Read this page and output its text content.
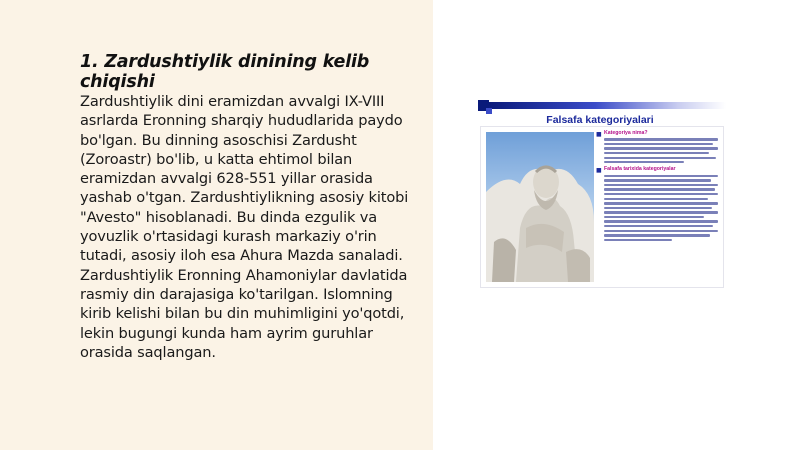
1. Zardushtiylik dinining kelib chiqishi

Zardushtiylik dini eramizdan avvalgi IX-VIII asrlarda Eronning sharqiy hududlarida paydo bo'lgan. Bu dinning asoschisi Zardusht (Zoroastr) bo'lib, u katta ehtimol bilan eramizdan avvalgi 628-551 yillar orasida yashab o'tgan. Zardushtiylikning asosiy kitobi "Avesto" hisoblanadi. Bu dinda ezgulik va yovuzlik o'rtasidagi kurash markaziy o'rin tutadi, asosiy iloh esa Ahura Mazda sanaladi. Zardushtiylik Eronning Ahamoniylar davlatida rasmiy din darajasiga ko'tarilgan. Islomning kirib kelishi bilan bu din muhimligini yo'qotdi, lekin bugungi kunda ham ayrim guruhlar orasida saqlangan.

Falsafa kategoriyalari
■ Kategoriya nima?
■ Falsafa tarixida kategoriyalar
